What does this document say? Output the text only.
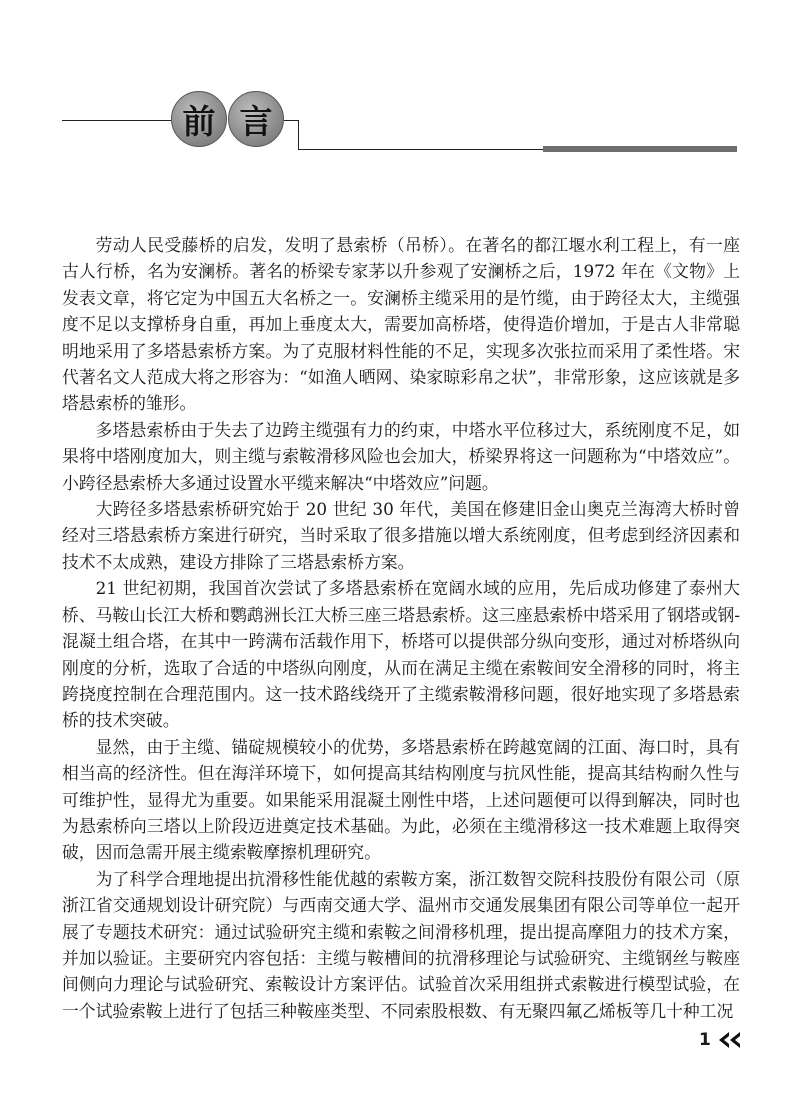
前 言

劳动人民受藤桥的启发，发明了悬索桥（吊桥）。在著名的都江堰水利工程上，有一座古人行桥，名为安澜桥。著名的桥梁专家茅以升参观了安澜桥之后，1972 年在《文物》上发表文章，将它定为中国五大名桥之一。安澜桥主缆采用的是竹缆，由于跨径太大，主缆强度不足以支撑桥身自重，再加上垂度太大，需要加高桥塔，使得造价增加，于是古人非常聪明地采用了多塔悬索桥方案。为了克服材料性能的不足，实现多次张拉而采用了柔性塔。宋代著名文人范成大将之形容为：“如渔人晒网、染家晾彩帛之状”，非常形象，这应该就是多塔悬索桥的雏形。

多塔悬索桥由于失去了边跨主缆强有力的约束，中塔水平位移过大，系统刚度不足，如果将中塔刚度加大，则主缆与索鞍滑移风险也会加大，桥梁界将这一问题称为“中塔效应”。小跨径悬索桥大多通过设置水平缆来解决“中塔效应”问题。

大跨径多塔悬索桥研究始于 20 世纪 30 年代，美国在修建旧金山奥克兰海湾大桥时曾经对三塔悬索桥方案进行研究，当时采取了很多措施以增大系统刚度，但考虑到经济因素和技术不太成熟，建设方排除了三塔悬索桥方案。

21 世纪初期，我国首次尝试了多塔悬索桥在宽阔水域的应用，先后成功修建了泰州大桥、马鞍山长江大桥和鹦鹉洲长江大桥三座三塔悬索桥。这三座悬索桥中塔采用了钢塔或钢-混凝土组合塔，在其中一跨满布活载作用下，桥塔可以提供部分纵向变形，通过对桥塔纵向刚度的分析，选取了合适的中塔纵向刚度，从而在满足主缆在索鞍间安全滑移的同时，将主跨挠度控制在合理范围内。这一技术路线绕开了主缆索鞍滑移问题，很好地实现了多塔悬索桥的技术突破。

显然，由于主缆、锚碇规模较小的优势，多塔悬索桥在跨越宽阔的江面、海口时，具有相当高的经济性。但在海洋环境下，如何提高其结构刚度与抗风性能，提高其结构耐久性与可维护性，显得尤为重要。如果能采用混凝土刚性中塔，上述问题便可以得到解决，同时也为悬索桥向三塔以上阶段迈进奠定技术基础。为此，必须在主缆滑移这一技术难题上取得突破，因而急需开展主缆索鞍摩擦机理研究。

为了科学合理地提出抗滑移性能优越的索鞍方案，浙江数智交院科技股份有限公司（原浙江省交通规划设计研究院）与西南交通大学、温州市交通发展集团有限公司等单位一起开展了专题技术研究：通过试验研究主缆和索鞍之间滑移机理，提出提高摩阻力的技术方案，并加以验证。主要研究内容包括：主缆与鞍槽间的抗滑移理论与试验研究、主缆钢丝与鞍座间侧向力理论与试验研究、索鞍设计方案评估。试验首次采用组拼式索鞍进行模型试验，在一个试验索鞍上进行了包括三种鞍座类型、不同索股根数、有无聚四氟乙烯板等几十种工况

1
